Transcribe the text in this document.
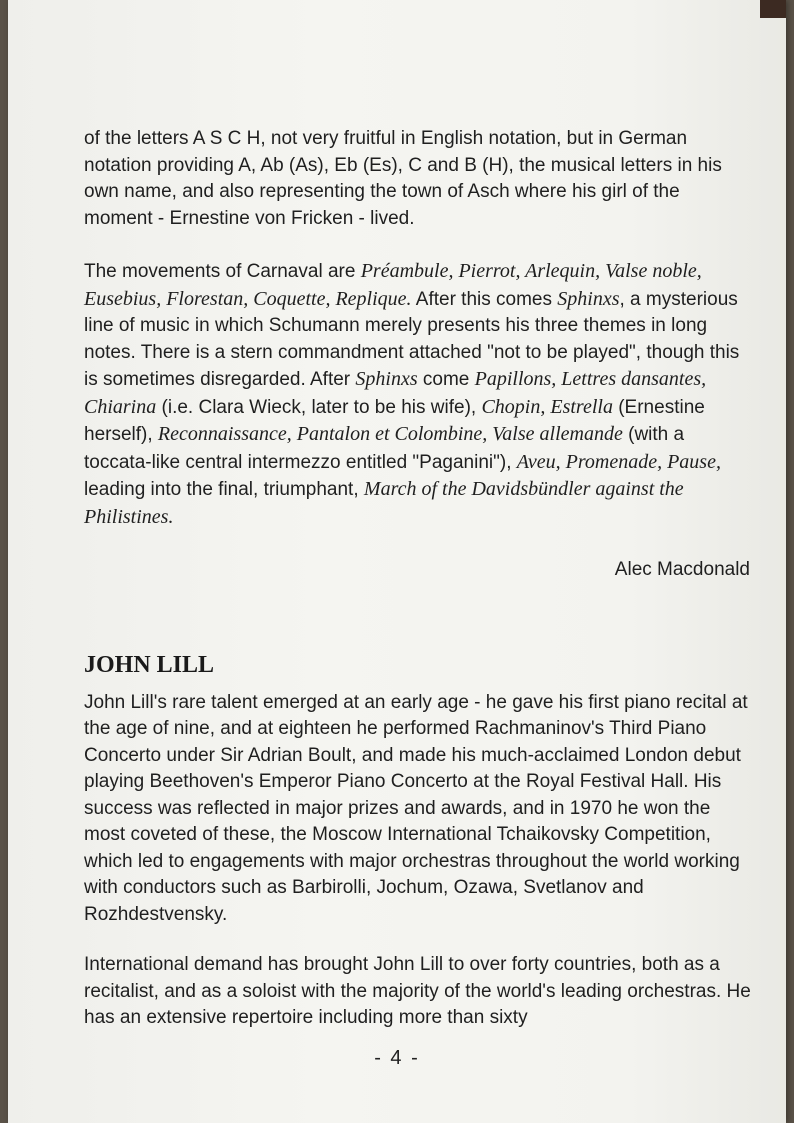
of the letters A S C H, not very fruitful in English notation, but in German notation providing A, Ab (As), Eb (Es), C and B (H), the musical letters in his own name, and also representing the town of Asch where his girl of the moment - Ernestine von Fricken - lived.

The movements of Carnaval are Préambule, Pierrot, Arlequin, Valse noble, Eusebius, Florestan, Coquette, Replique. After this comes Sphinxs, a mysterious line of music in which Schumann merely presents his three themes in long notes. There is a stern commandment attached "not to be played", though this is sometimes disregarded. After Sphinxs come Papillons, Lettres dansantes, Chiarina (i.e. Clara Wieck, later to be his wife), Chopin, Estrella (Ernestine herself), Reconnaissance, Pantalon et Colombine, Valse allemande (with a toccata-like central intermezzo entitled "Paganini"), Aveu, Promenade, Pause, leading into the final, triumphant, March of the Davidsbündler against the Philistines.

Alec Macdonald

JOHN LILL

John Lill's rare talent emerged at an early age - he gave his first piano recital at the age of nine, and at eighteen he performed Rachmaninov's Third Piano Concerto under Sir Adrian Boult, and made his much-acclaimed London debut playing Beethoven's Emperor Piano Concerto at the Royal Festival Hall. His success was reflected in major prizes and awards, and in 1970 he won the most coveted of these, the Moscow International Tchaikovsky Competition, which led to engagements with major orchestras throughout the world working with conductors such as Barbirolli, Jochum, Ozawa, Svetlanov and Rozhdestvensky.

International demand has brought John Lill to over forty countries, both as a recitalist, and as a soloist with the majority of the world's leading orchestras. He has an extensive repertoire including more than sixty

- 4 -
